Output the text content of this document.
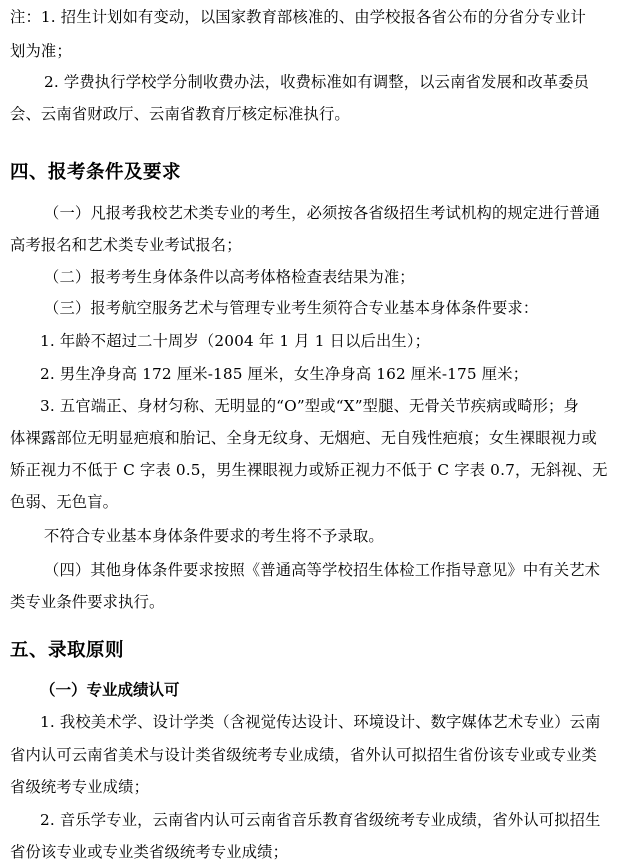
注：1. 招生计划如有变动，以国家教育部核准的、由学校报各省公布的分省分专业计
划为准；
2. 学费执行学校学分制收费办法，收费标准如有调整，以云南省发展和改革委员
会、云南省财政厅、云南省教育厅核定标准执行。
四、报考条件及要求
（一）凡报考我校艺术类专业的考生，必须按各省级招生考试机构的规定进行普通
高考报名和艺术类专业考试报名；
（二）报考考生身体条件以高考体格检查表结果为准；
（三）报考航空服务艺术与管理专业考生须符合专业基本身体条件要求：
1. 年龄不超过二十周岁（2004 年 1 月 1 日以后出生）；
2. 男生净身高 172 厘米-185 厘米，女生净身高 162 厘米-175 厘米；
3. 五官端正、身材匀称、无明显的“O”型或“X”型腿、无骨关节疾病或畸形；身
体裸露部位无明显疤痕和胎记、全身无纹身、无烟疤、无自残性疤痕；女生裸眼视力或
矫正视力不低于 C 字表 0.5，男生裸眼视力或矫正视力不低于 C 字表 0.7，无斜视、无
色弱、无色盲。
不符合专业基本身体条件要求的考生将不予录取。
（四）其他身体条件要求按照《普通高等学校招生体检工作指导意见》中有关艺术
类专业条件要求执行。
五、录取原则
（一）专业成绩认可
1. 我校美术学、设计学类（含视觉传达设计、环境设计、数字媒体艺术专业）云南
省内认可云南省美术与设计类省级统考专业成绩，省外认可拟招生省份该专业或专业类
省级统考专业成绩；
2. 音乐学专业，云南省内认可云南省音乐教育省级统考专业成绩，省外认可拟招生
省份该专业或专业类省级统考专业成绩；
